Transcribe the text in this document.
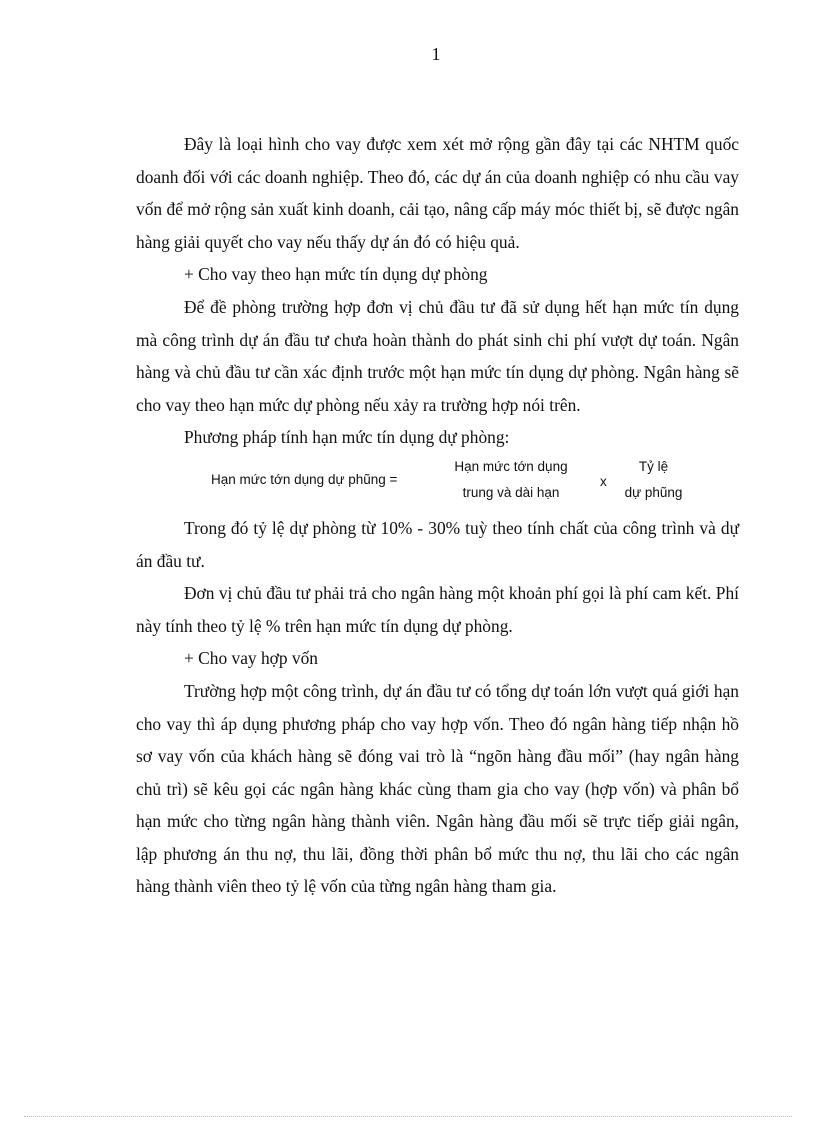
1

Đây là loại hình cho vay được xem xét mở rộng gần đây tại các NHTM quốc doanh đối với các doanh nghiệp. Theo đó, các dự án của doanh nghiệp có nhu cầu vay vốn để mở rộng sản xuất kinh doanh, cải tạo, nâng cấp máy móc thiết bị, sẽ được ngân hàng giải quyết cho vay nếu thấy dự án đó có hiệu quả.

+ Cho vay theo hạn mức tín dụng dự phòng

Để đề phòng trường hợp đơn vị chủ đầu tư đã sử dụng hết hạn mức tín dụng mà công trình dự án đầu tư chưa hoàn thành do phát sinh chi phí vượt dự toán. Ngân hàng và chủ đầu tư cần xác định trước một hạn mức tín dụng dự phòng. Ngân hàng sẽ cho vay theo hạn mức dự phòng nếu xảy ra trường hợp nói trên.

Phương pháp tính hạn mức tín dụng dự phòng:

Hạn mức tớn dụng dự phũng =
Hạn mức tớn dụng
trung và dài hạn
x
Tỷ lệ
dự phũng

Trong đó tỷ lệ dự phòng từ 10% - 30% tuỳ theo tính chất của công trình và dự án đầu tư.

Đơn vị chủ đầu tư phải trả cho ngân hàng một khoản phí gọi là phí cam kết. Phí này tính theo tỷ lệ % trên hạn mức tín dụng dự phòng.

+ Cho vay hợp vốn

Trường hợp một công trình, dự án đầu tư có tổng dự toán lớn vượt quá giới hạn cho vay thì áp dụng phương pháp cho vay hợp vốn. Theo đó ngân hàng tiếp nhận hồ sơ vay vốn của khách hàng sẽ đóng vai trò là “ngõn hàng đầu mối” (hay ngân hàng chủ trì) sẽ kêu gọi các ngân hàng khác cùng tham gia cho vay (hợp vốn) và phân bổ hạn mức cho từng ngân hàng thành viên. Ngân hàng đầu mối sẽ trực tiếp giải ngân, lập phương án thu nợ, thu lãi, đồng thời phân bổ mức thu nợ, thu lãi cho các ngân hàng thành viên theo tỷ lệ vốn của từng ngân hàng tham gia.
